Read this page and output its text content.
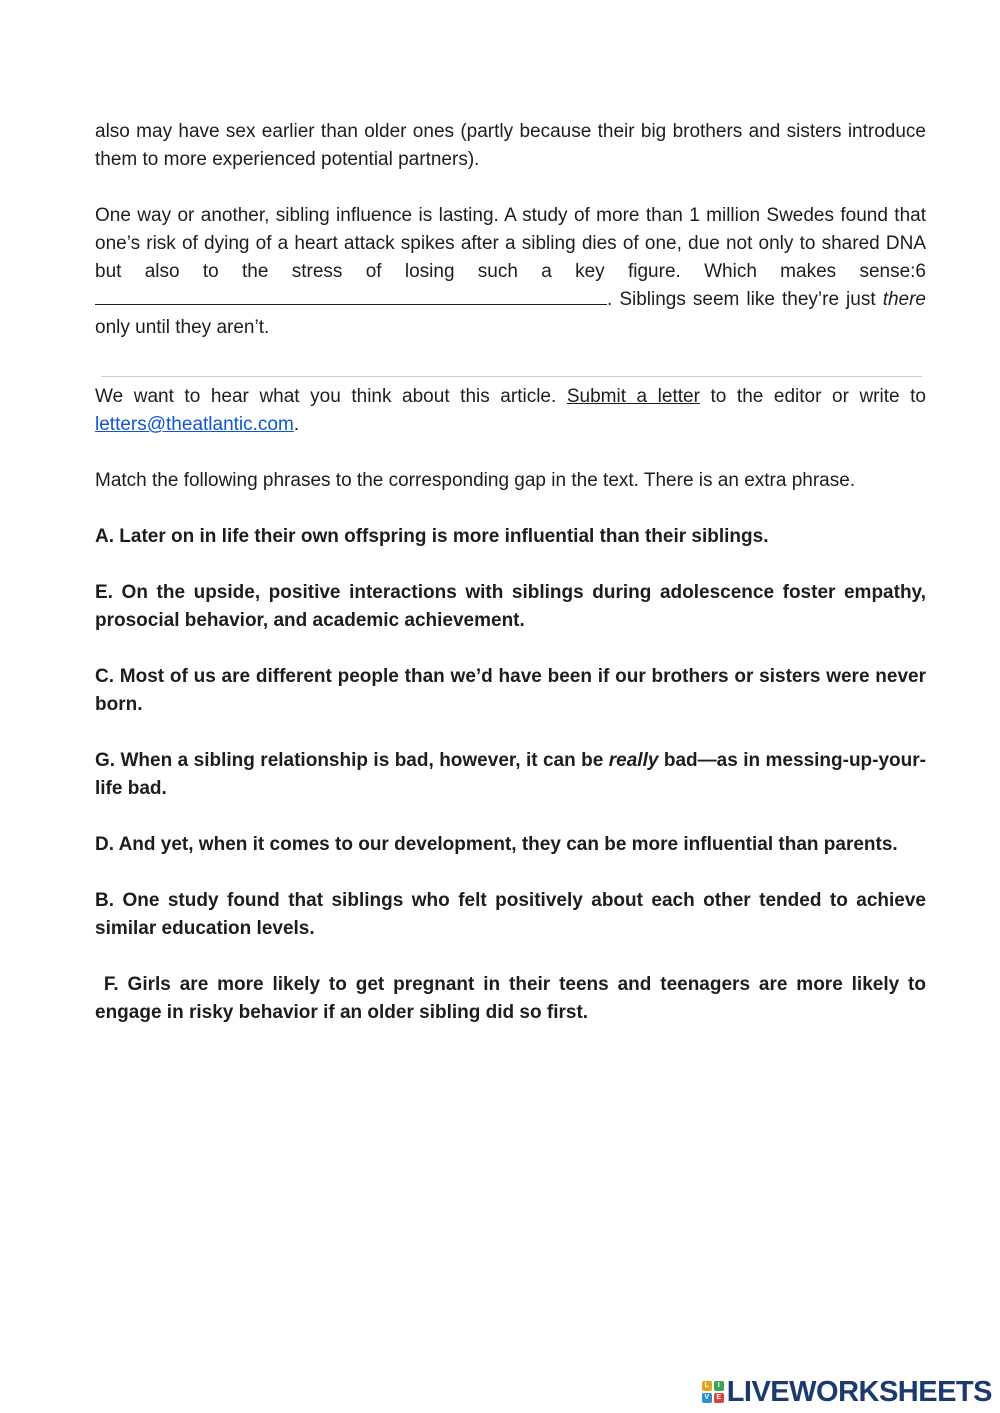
also may have sex earlier than older ones (partly because their big brothers and sisters introduce them to more experienced potential partners).

One way or another, sibling influence is lasting. A study of more than 1 million Swedes found that one’s risk of dying of a heart attack spikes after a sibling dies of one, due not only to shared DNA but also to the stress of losing such a key figure. Which makes sense:6. Siblings seem like they’re just there only until they aren’t.

We want to hear what you think about this article. Submit a letter to the editor or write to letters@theatlantic.com.

Match the following phrases to the corresponding gap in the text. There is an extra phrase.

A. Later on in life their own offspring is more influential than their siblings.

E. On the upside, positive interactions with siblings during adolescence foster empathy, prosocial behavior, and academic achievement.

C. Most of us are different people than we’d have been if our brothers or sisters were never born.

G. When a sibling relationship is bad, however, it can be really bad—as in messing-up-your-life bad.

D. And yet, when it comes to our development, they can be more influential than parents.

B. One study found that siblings who felt positively about each other tended to achieve similar education levels.

F. Girls are more likely to get pregnant in their teens and teenagers are more likely to engage in risky behavior if an older sibling did so first.

L	I
V	E LIVEWORKSHEETS
